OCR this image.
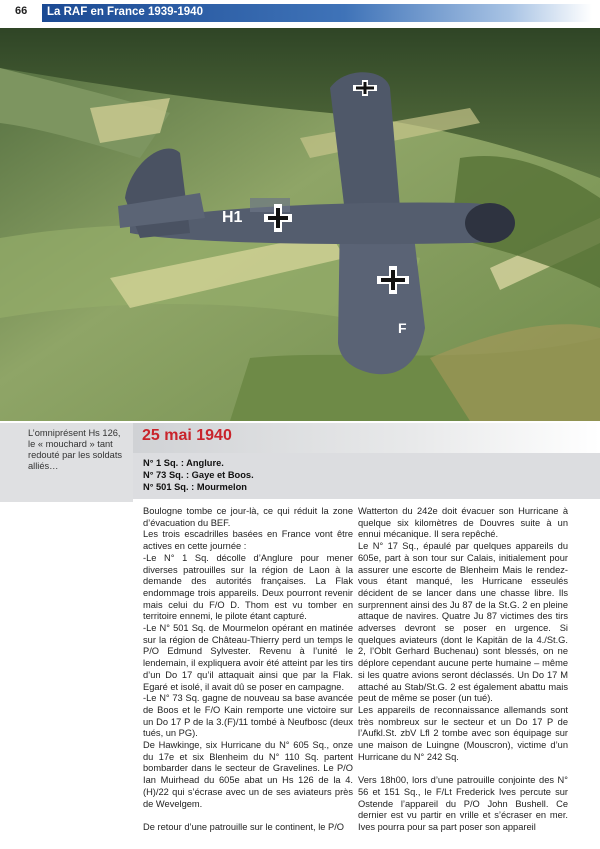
66 La RAF en France 1939-1940
H1
F
L’omniprésent Hs 126, le « mouchard » tant redouté par les soldats alliés…
25 mai 1940
N° 1 Sq. : Anglure.
N° 73 Sq. : Gaye et Boos.
N° 501 Sq. : Mourmelon

Boulogne tombe ce jour-là, ce qui réduit la zone d’évacuation du BEF.

Les trois escadrilles basées en France vont être actives en cette journée :

-Le N° 1 Sq. décolle d’Anglure pour mener diverses patrouilles sur la région de Laon à la demande des autorités françaises. La Flak endommage trois appareils. Deux pourront revenir mais celui du F/O D. Thom est vu tomber en territoire ennemi, le pilote étant capturé.

-Le N° 501 Sq. de Mourmelon opérant en matinée sur la région de Château-Thierry perd un temps le P/O Edmund Sylvester. Revenu à l’unité le lendemain, il expliquera avoir été atteint par les tirs d’un Do 17 qu’il attaquait ainsi que par la Flak. Egaré et isolé, il avait dû se poser en campagne.

-Le N° 73 Sq. gagne de nouveau sa base avancée de Boos et le F/O Kain remporte une victoire sur un Do 17 P de la 3.(F)/11 tombé à Neufbosc (deux tués, un PG).

De Hawkinge, six Hurricane du N° 605 Sq., onze du 17e et six Blenheim du N° 110 Sq. partent bombarder dans le secteur de Gravelines. Le P/O Ian Muirhead du 605e abat un Hs 126 de la 4.(H)/22 qui s’écrase avec un de ses aviateurs près de Wevelgem.

De retour d’une patrouille sur le continent, le P/O

Watterton du 242e doit évacuer son Hurricane à quelque six kilomètres de Douvres suite à un ennui mécanique. Il sera repêché.

Le N° 17 Sq., épaulé par quelques appareils du 605e, part à son tour sur Calais, initialement pour assurer une escorte de Blenheim Mais le rendez-vous étant manqué, les Hurricane esseulés décident de se lancer dans une chasse libre. Ils surprennent ainsi des Ju 87 de la St.G. 2 en pleine attaque de navires. Quatre Ju 87 victimes des tirs adverses devront se poser en urgence. Si quelques aviateurs (dont le Kapitän de la 4./St.G. 2, l’Oblt Gerhard Buchenau) sont blessés, on ne déplore cependant aucune perte humaine – même si les quatre avions seront déclassés. Un Do 17 M attaché au Stab/St.G. 2 est également abattu mais peut de même se poser (un tué).

Les appareils de reconnaissance allemands sont très nombreux sur le secteur et un Do 17 P de l’Aufkl.St. zbV Lfl 2 tombe avec son équipage sur une maison de Luingne (Mouscron), victime d’un Hurricane du N° 242 Sq.

Vers 18h00, lors d’une patrouille conjointe des N° 56 et 151 Sq., le F/Lt Frederick Ives percute sur Ostende l’appareil du P/O John Bushell. Ce dernier est vu partir en vrille et s’écraser en mer. Ives pourra pour sa part poser son appareil
